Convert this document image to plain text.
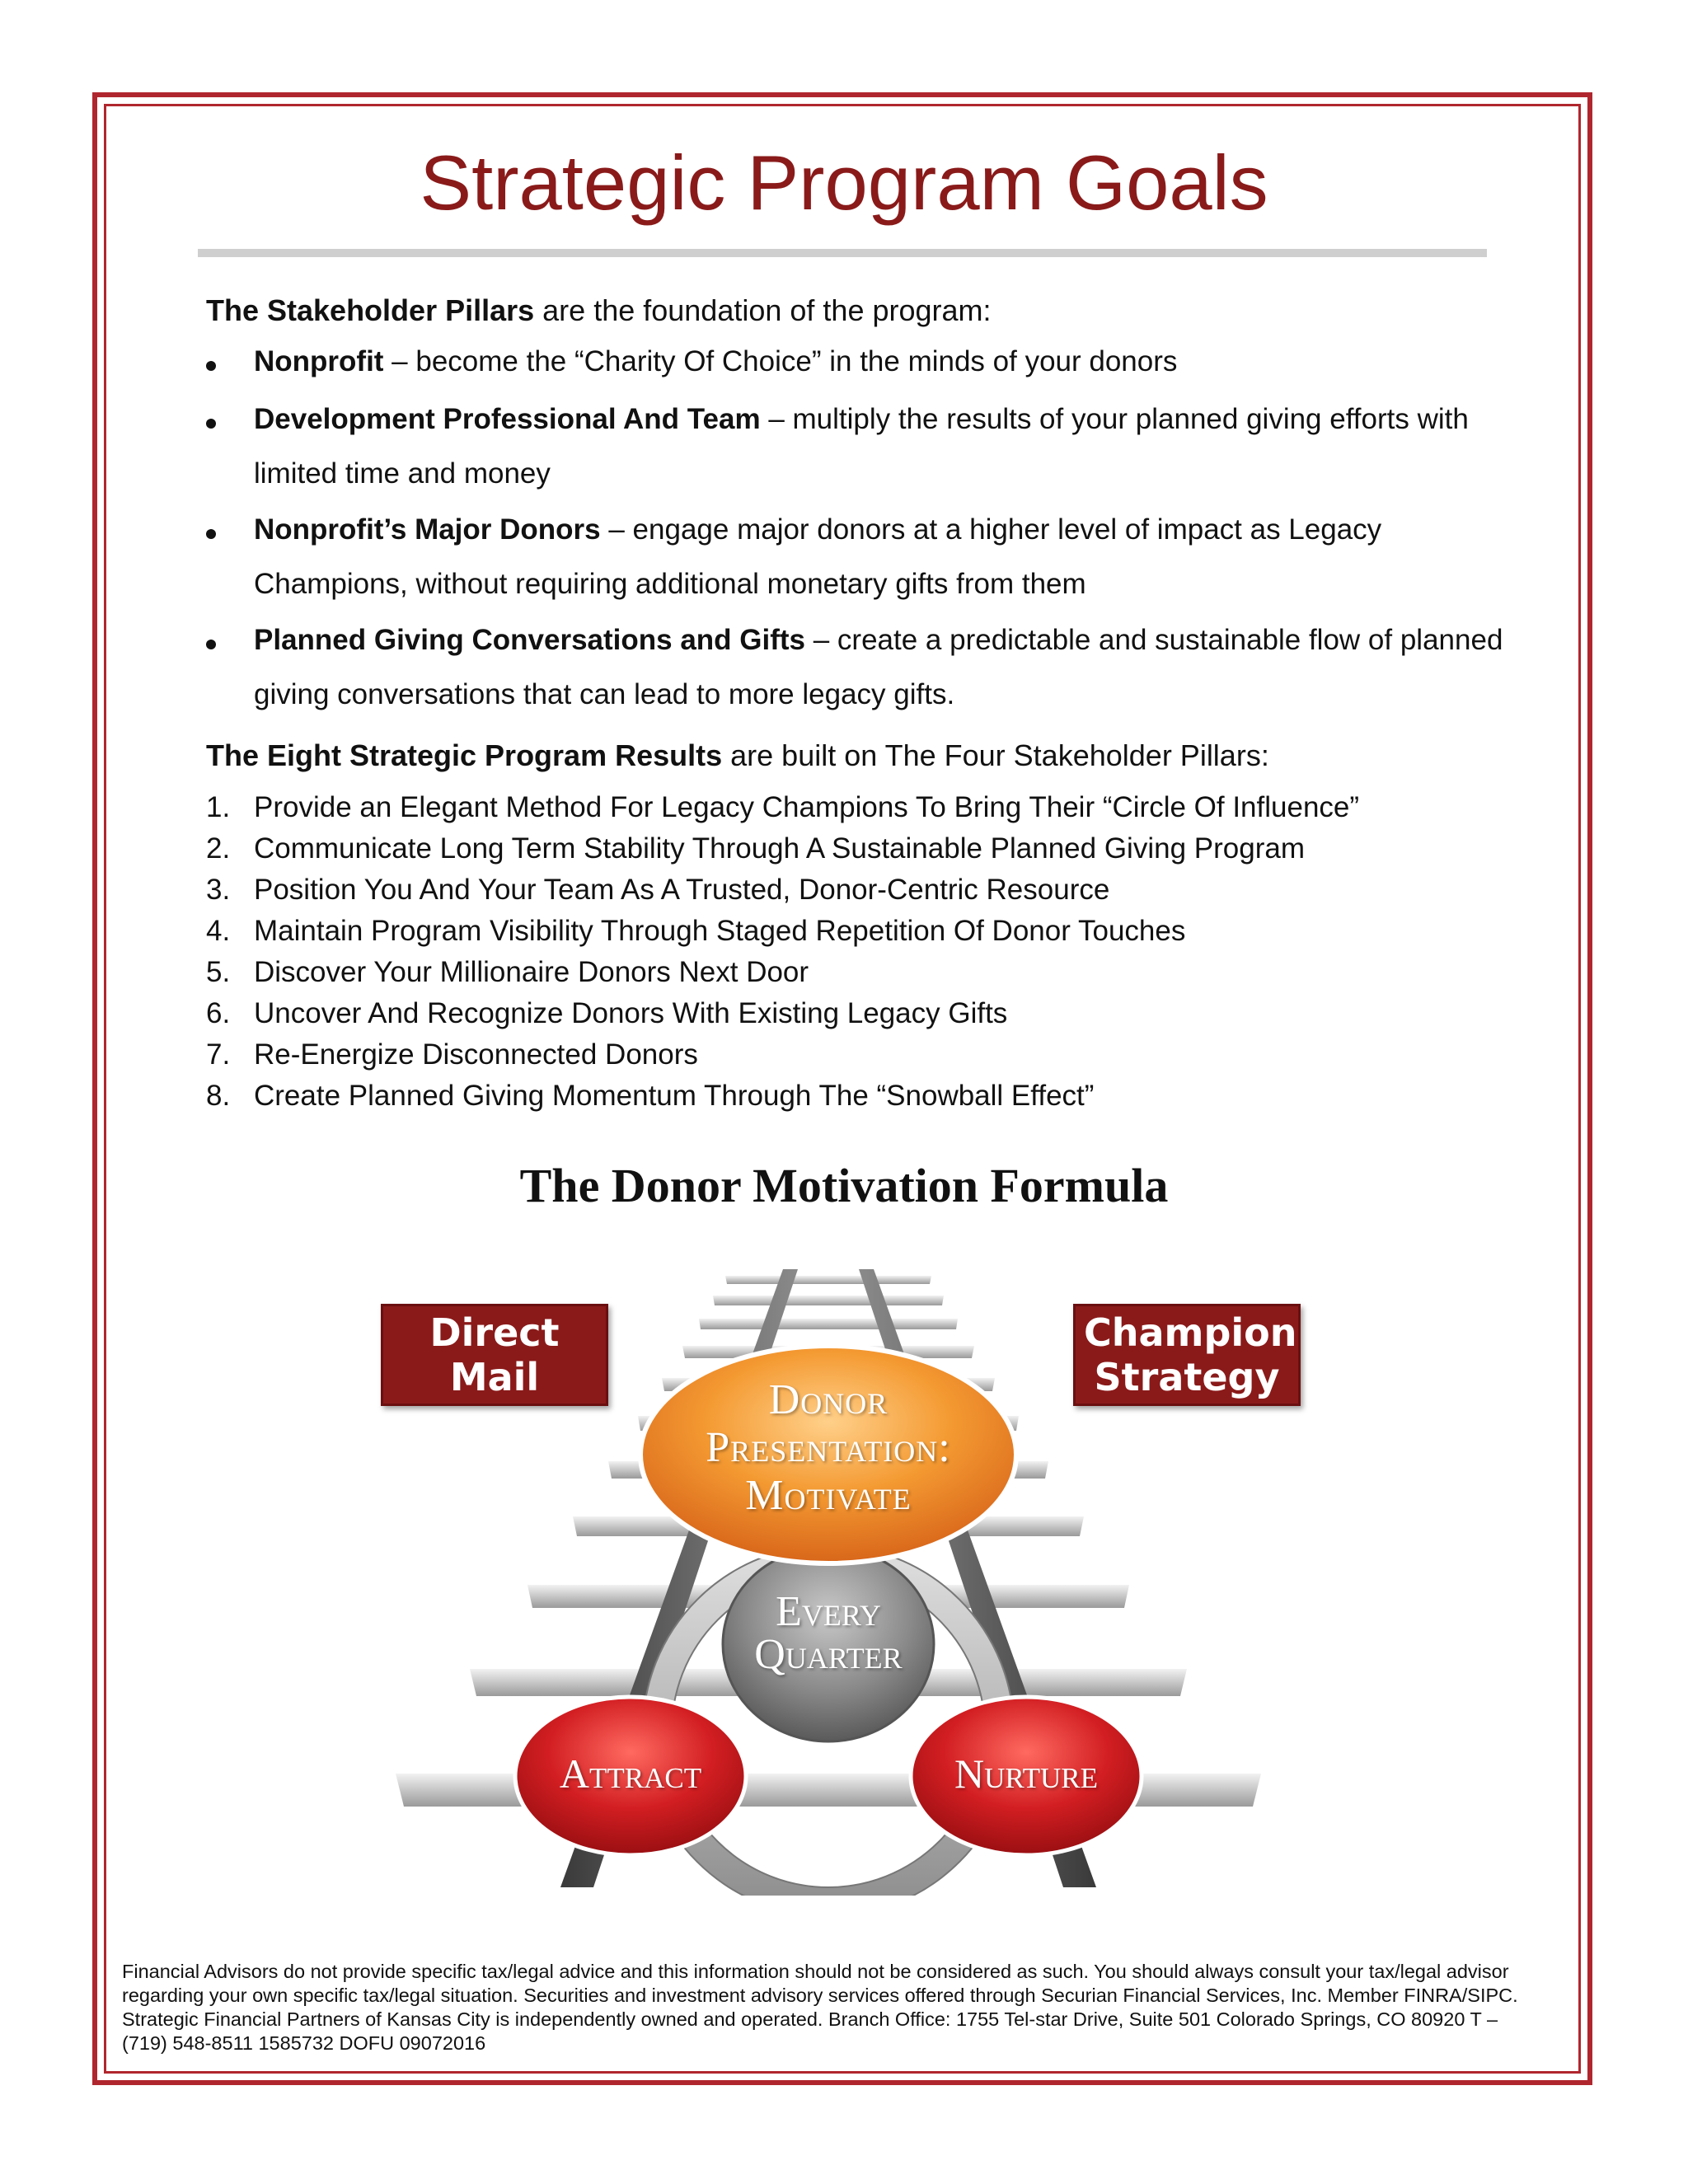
Strategic Program Goals
The Stakeholder Pillars are the foundation of the program:
Nonprofit – become the “Charity Of Choice” in the minds of your donors
Development Professional And Team – multiply the results of your planned giving efforts with limited time and money
Nonprofit’s Major Donors – engage major donors at a higher level of impact as Legacy Champions, without requiring additional monetary gifts from them
Planned Giving Conversations and Gifts – create a predictable and sustainable flow of planned giving conversations that can lead to more legacy gifts.
The Eight Strategic Program Results are built on The Four Stakeholder Pillars:
1. Provide an Elegant Method For Legacy Champions To Bring Their “Circle Of Influence”
2. Communicate Long Term Stability Through A Sustainable Planned Giving Program
3. Position You And Your Team As A Trusted, Donor-Centric Resource
4. Maintain Program Visibility Through Staged Repetition Of Donor Touches
5. Discover Your Millionaire Donors Next Door
6. Uncover And Recognize Donors With Existing Legacy Gifts
7. Re-Energize Disconnected Donors
8. Create Planned Giving Momentum Through The “Snowball Effect”
The Donor Motivation Formula
Direct Mail
Champion Strategy
Donor
Presentation:
Motivate
Every
Quarter
Attract	Nurture
Financial Advisors do not provide specific tax/legal advice and this information should not be considered as such. You should always consult your tax/legal advisor regarding your own specific tax/legal situation. Securities and investment advisory services offered through Securian Financial Services, Inc. Member FINRA/SIPC. Strategic Financial Partners of Kansas City is independently owned and operated. Branch Office: 1755 Tel-star Drive, Suite 501 Colorado Springs, CO 80920 T – (719) 548-8511 1585732 DOFU 09072016
